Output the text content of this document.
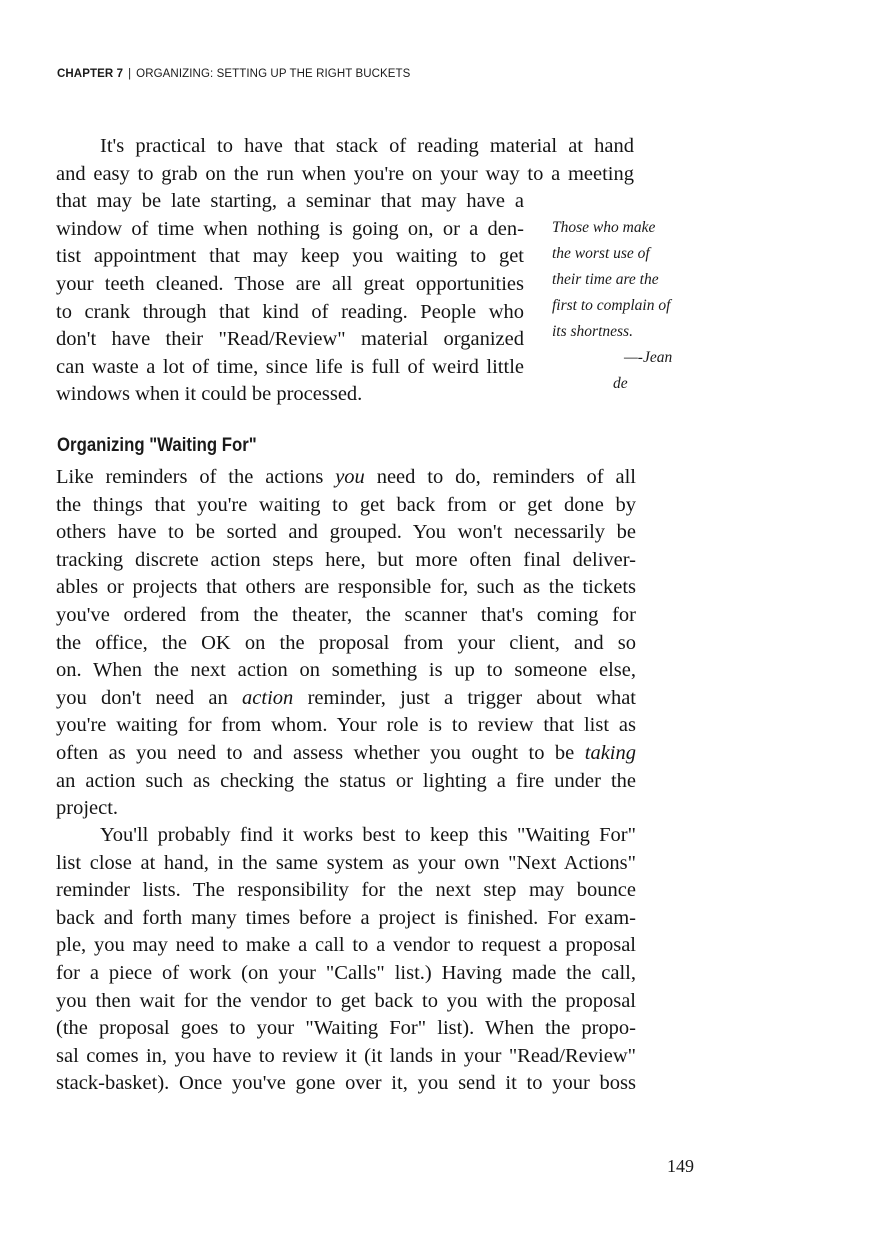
CHAPTER 7 | ORGANIZING: SETTING UP THE RIGHT BUCKETS
It's practical to have that stack of reading material at hand
and easy to grab on the run when you're on your way to a meeting
that may be late starting, a seminar that may have a
window of time when nothing is going on, or a den-
tist appointment that may keep you waiting to get
your teeth cleaned. Those are all great opportunities
to crank through that kind of reading. People who
don't have their "Read/Review" material organized
can waste a lot of time, since life is full of weird little
windows when it could be processed.
Those who make
the worst use of
their time are the
first to complain of
its shortness.
—-Jean
de
Organizing "Waiting For"
Like reminders of the actions you need to do, reminders of all
the things that you're waiting to get back from or get done by
others have to be sorted and grouped. You won't necessarily be
tracking discrete action steps here, but more often final deliver-
ables or projects that others are responsible for, such as the tickets
you've ordered from the theater, the scanner that's coming for
the office, the OK on the proposal from your client, and so
on. When the next action on something is up to someone else,
you don't need an action reminder, just a trigger about what
you're waiting for from whom. Your role is to review that list as
often as you need to and assess whether you ought to be taking
an action such as checking the status or lighting a fire under the
project.
You'll probably find it works best to keep this "Waiting For"
list close at hand, in the same system as your own "Next Actions"
reminder lists. The responsibility for the next step may bounce
back and forth many times before a project is finished. For exam-
ple, you may need to make a call to a vendor to request a proposal
for a piece of work (on your "Calls" list.) Having made the call,
you then wait for the vendor to get back to you with the proposal
(the proposal goes to your "Waiting For" list). When the propo-
sal comes in, you have to review it (it lands in your "Read/Review"
stack-basket). Once you've gone over it, you send it to your boss
149
